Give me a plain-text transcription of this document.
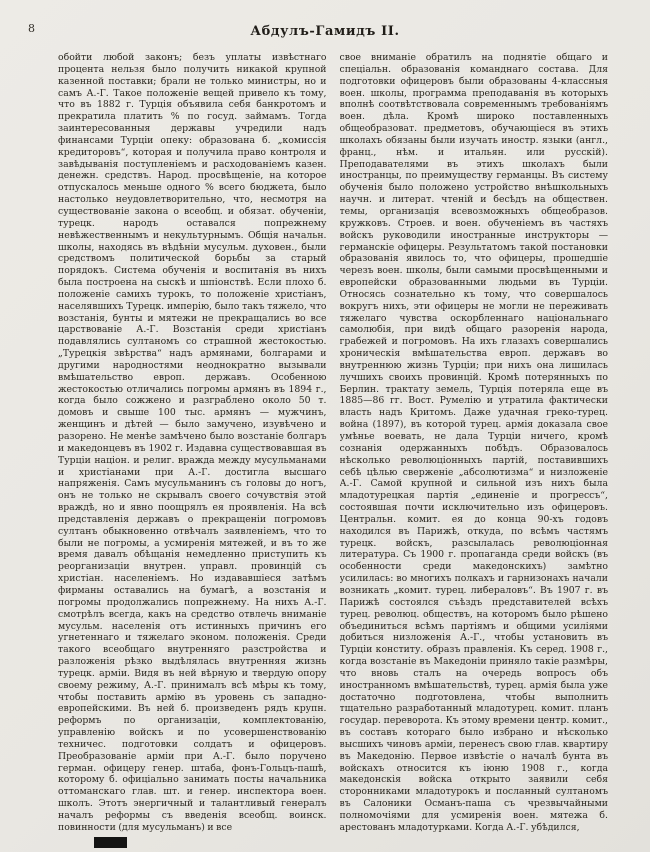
8	Абдулъ-Гамидъ II.
обойти любой законъ; безъ уплаты извѣстнаго процента нельзя было получить никакой крупной казенной поставки; брали не только министры, но и самъ А.-Г. Такое положеніе вещей привело къ тому, что въ 1882 г. Турція объявила себя банкротомъ и прекратила платить % по госуд. займамъ. Тогда заинтересованныя державы учредили надъ финансами Турціи опеку: образована б. „комиссія кредиторовъ“, которая и получила право контроля и завѣдыванія поступленіемъ и расходованіемъ казен. денежн. средствъ. Народ. просвѣщеніе, на которое отпускалось меньше одного % всего бюджета, было настолько неудовлетворительно, что, несмотря на существованіе закона о всеобщ. и обязат. обученіи, турецк. народъ оставался попрежнему невѣжественнымъ и некультурнымъ. Общія начальн. школы, находясь въ вѣдѣніи мусульм. духовен., были средствомъ политической борьбы за старый порядокъ. Система обученія и воспитанія въ нихъ была построена на сыскѣ и шпіонствѣ. Если плохо б. положеніе самихъ турокъ, то положеніе христіанъ, населявшихъ Турецк. имперію, было такъ тяжело, что возстанія, бунты и мятежи не прекращались во все царствованіе А.-Г. Возстанія среди христіанъ подавлялись султаномъ со страшной жестокостью. „Турецкія звѣрства“ надъ армянами, болгарами и другими народностями неоднократно вызывали вмѣшательство европ. державъ. Особенною жестокостью отличались погромы армянъ въ 1894 г., когда было сожжено и разграблено около 50 т. домовъ и свыше 100 тыс. армянъ — мужчинъ, женщинъ и дѣтей — было замучено, изувѣчено и разорено. Не менѣе замѣчено было возстаніе болгаръ и македонцевъ въ 1902 г. Издавна существовавшая въ Турціи націон. и религ. вражда между мусульманами и христіанами при А.-Г. достигла высшаго напряженія. Самъ мусульманинъ съ головы до ногъ, онъ не только не скрывалъ своего сочувствія этой враждѣ, но и явно поощрялъ ея проявленія. На всѣ представленія державъ о прекращеніи погромовъ султанъ обыкновенно отвѣчалъ заявленіемъ, что то были не погромы, а усмиренія мятежей, и въ то же время давалъ обѣщанія немедленно приступить къ реорганизаціи внутрен. управл. провинцій съ христіан. населеніемъ. Но издававшіеся затѣмъ фирманы оставались на бумагѣ, а возстанія и погромы продолжались попрежнему. На нихъ А.-Г. смотрѣлъ всегда, какъ на средство отвлечь вниманіе мусульм. населенія отъ истинныхъ причинъ его угнетеннаго и тяжелаго эконом. положенія. Среди такого всеобщаго внутренняго разстройства и разложенія рѣзко выдѣлялась внутренняя жизнь турецк. арміи. Видя въ ней вѣрную и твердую опору своему режиму, А.-Г. принималъ всѣ мѣры къ тому, чтобы поставить армію въ уровень съ западно-европейскими. Въ ней б. произведенъ рядъ крупн. реформъ по организаціи, комплектованію, управленію войскъ и по усовершенствованію техничес. подготовки солдатъ и офицеровъ. Преобразованіе арміи при А.-Г. было поручено герман. офицеру генер. штаба, фонъ-Гольцъ-пашѣ, которому б. офиціально занимать посты начальника оттоманскаго глав. шт. и генер. инспектора воен. школъ. Этотъ энергичный и талантливый генералъ началъ реформы съ введенія всеобщ. воинск. повинности (для мусульманъ) и все
свое вниманіе обратилъ на поднятіе общаго и спеціальн. образованія команднаго состава. Для подготовки офицеровъ были образованы 4-классныя воен. школы, программа преподаванія въ которыхъ вполнѣ соотвѣтствовала современнымъ требованіямъ воен. дѣла. Кромѣ широко поставленныхъ общеобразоват. предметовъ, обучающіеся въ этихъ школахъ обязаны были изучать иностр. языки (англ., франц., нѣм. и итальян. или русскій). Преподавателями въ этихъ школахъ были иностранцы, по преимуществу германцы. Въ систему обученія было положено устройство внѣшкольныхъ научн. и литерат. чтеній и бесѣдъ на обществен. темы, организація всевозможныхъ общеобразов. кружковъ. Строев. и воен. обученіемъ въ частяхъ войскъ руководили иностранные инструкторы — германскіе офицеры. Результатомъ такой постановки образованія явилось то, что офицеры, прошедшіе черезъ воен. школы, были самыми просвѣщенными и европейски образованными людьми въ Турціи. Относясь сознательно къ тому, что совершалось вокругъ нихъ, эти офицеры не могли не переживать тяжелаго чувства оскорбленнаго національнаго самолюбія, при видѣ общаго разоренія народа, грабежей и погромовъ. На ихъ глазахъ совершались хроническія вмѣшательства европ. державъ во внутреннюю жизнь Турціи; при нихъ она лишилась лучшихъ своихъ провинцій. Кромѣ потерянныхъ по Берлин. трактату земель, Турція потеряла еще въ 1885—86 гг. Вост. Румелію и утратила фактически власть надъ Критомъ. Даже удачная греко-турец. война (1897), въ которой турец. армія доказала свое умѣнье воевать, не дала Турціи ничего, кромѣ сознанія одержанныхъ побѣдъ. Образовалось нѣсколько революціонныхъ партій, поставившихъ себѣ цѣлью сверженіе „абсолютизма“ и низложеніе А.-Г. Самой крупной и сильной изъ нихъ была младотурецкая партія „единеніе и прогрессъ“, состоявшая почти исключительно изъ офицеровъ. Центральн. комит. ея до конца 90-хъ годовъ находился въ Парижѣ, откуда, по всѣмъ частямъ турецк. войскъ, разсылалась революціонная литература. Съ 1900 г. пропаганда среди войскъ (въ особенности среди македонскихъ) замѣтно усилилась: во многихъ полкахъ и гарнизонахъ начали возникать „комит. турец. либераловъ“. Въ 1907 г. въ Парижѣ состоялся съѣздъ представителей всѣхъ турец. революц. обществъ, на которомъ было рѣшено объединиться всѣмъ партіямъ и общими усиліями добиться низложенія А.-Г., чтобы установить въ Турціи конститу. образъ правленія. Къ серед. 1908 г., когда возстаніе въ Македоніи приняло такіе размѣры, что вновь сталъ на очередь вопросъ объ иностранномъ вмѣшательствѣ, турец. армія была уже достаточно подготовлена, чтобы выполнить тщательно разработанный младотурец. комит. планъ государ. переворота. Къ этому времени центр. комит., въ составъ котораго было избрано и нѣсколько высшихъ чиновъ арміи, перенесъ свою глав. квартиру въ Македонію. Первое извѣстіе о началѣ бунта въ войскахъ относится къ іюню 1908 г., когда македонскія войска открыто заявили себя сторонниками младотурокъ и посланный султаномъ въ Салоники Османъ-паша съ чрезвычайными полномочіями для усмиренія воен. мятежа б. арестованъ младотурками. Когда А.-Г. убѣдился,
